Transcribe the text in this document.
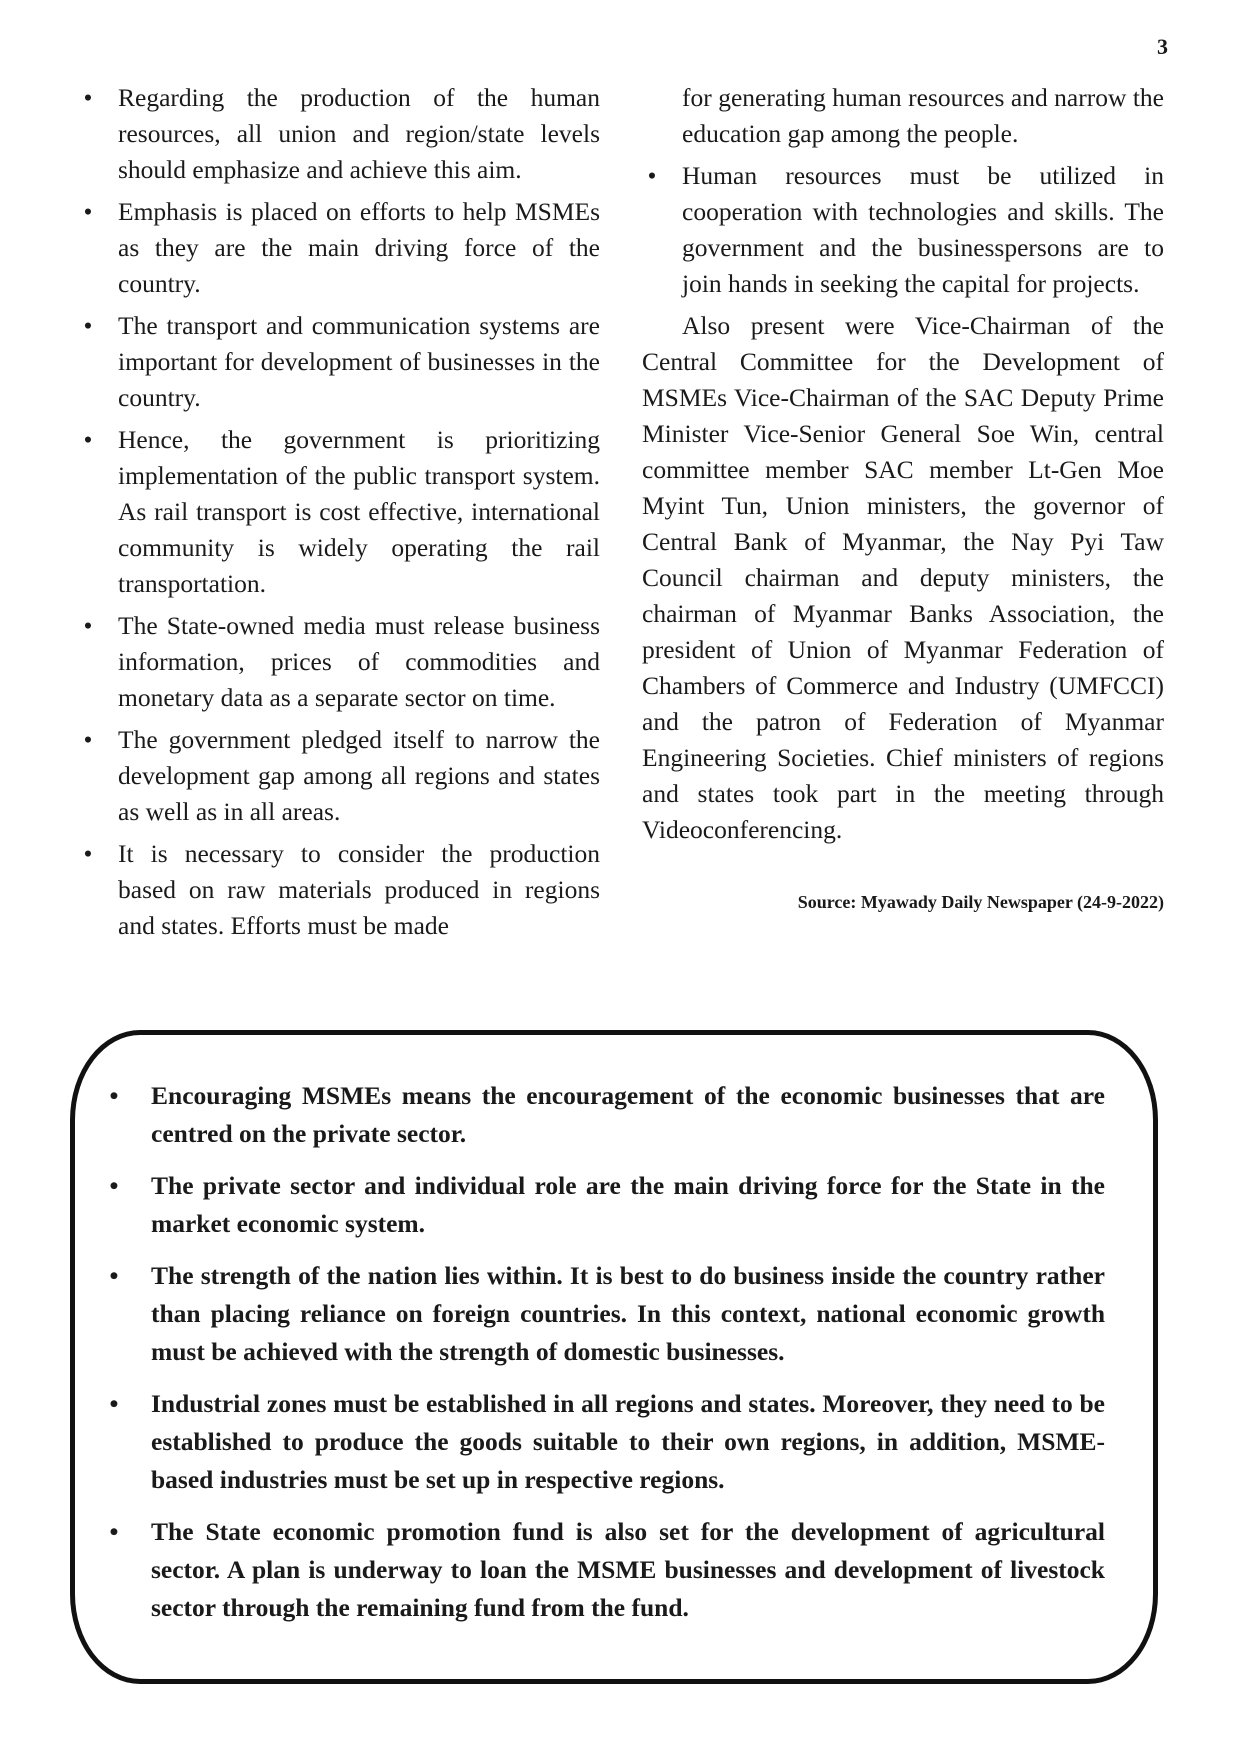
3
• Regarding the production of the human resources, all union and region/state levels should emphasize and achieve this aim.
• Emphasis is placed on efforts to help MSMEs as they are the main driving force of the country.
• The transport and communication systems are important for development of businesses in the country.
• Hence, the government is prioritizing implementation of the public transport system. As rail transport is cost effective, international community is widely operating the rail transportation.
• The State-owned media must release business information, prices of commodities and monetary data as a separate sector on time.
• The government pledged itself to narrow the development gap among all regions and states as well as in all areas.
• It is necessary to consider the production based on raw materials produced in regions and states. Efforts must be made

for generating human resources and narrow the education gap among the people.

• Human resources must be utilized in cooperation with technologies and skills. The government and the businesspersons are to join hands in seeking the capital for projects.

Also present were Vice-Chairman of the Central Committee for the Development of MSMEs Vice-Chairman of the SAC Deputy Prime Minister Vice-Senior General Soe Win, central committee member SAC member Lt-Gen Moe Myint Tun, Union ministers, the governor of Central Bank of Myanmar, the Nay Pyi Taw Council chairman and deputy ministers, the chairman of Myanmar Banks Association, the president of Union of Myanmar Federation of Chambers of Commerce and Industry (UMFCCI) and the patron of Federation of Myanmar Engineering Societies. Chief ministers of regions and states took part in the meeting through Videoconferencing.

Source: Myawady Daily Newspaper (24-9-2022)
• Encouraging MSMEs means the encouragement of the economic businesses that are centred on the private sector.
• The private sector and individual role are the main driving force for the State in the market economic system.
• The strength of the nation lies within. It is best to do business inside the country rather than placing reliance on foreign countries. In this context, national economic growth must be achieved with the strength of domestic businesses.
• Industrial zones must be established in all regions and states. Moreover, they need to be established to produce the goods suitable to their own regions, in addition, MSME-based industries must be set up in respective regions.
• The State economic promotion fund is also set for the development of agricultural sector. A plan is underway to loan the MSME businesses and development of livestock sector through the remaining fund from the fund.
